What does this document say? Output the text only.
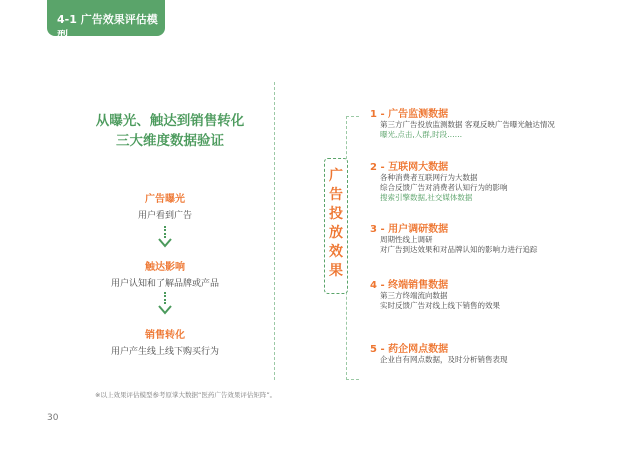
4-1 广告效果评估模型
从曝光、触达到销售转化
三大维度数据验证
广告曝光
用户看到广告
触达影响
用户认知和了解品牌或产品
销售转化
用户产生线上线下购买行为
广
告
投
放
效
果
1 - 广告监测数据
第三方广告投放监测数据 客观反映广告曝光触达情况
曝光,点击,人群,时段……
2 - 互联网大数据
各种消费者互联网行为大数据
综合反馈广告对消费者认知行为的影响
搜索引擎数据,社交媒体数据
3 - 用户调研数据
周期性线上调研
对广告到达效果和对品牌认知的影响力进行追踪
4 - 终端销售数据
第三方终端流向数据
实时反馈广告对线上线下销售的效果
5 - 药企网点数据
企业自有网点数据，及时分析销售表现
※以上效果评估模型参考原掌大数据“医药广告效果评估矩阵”。
30
